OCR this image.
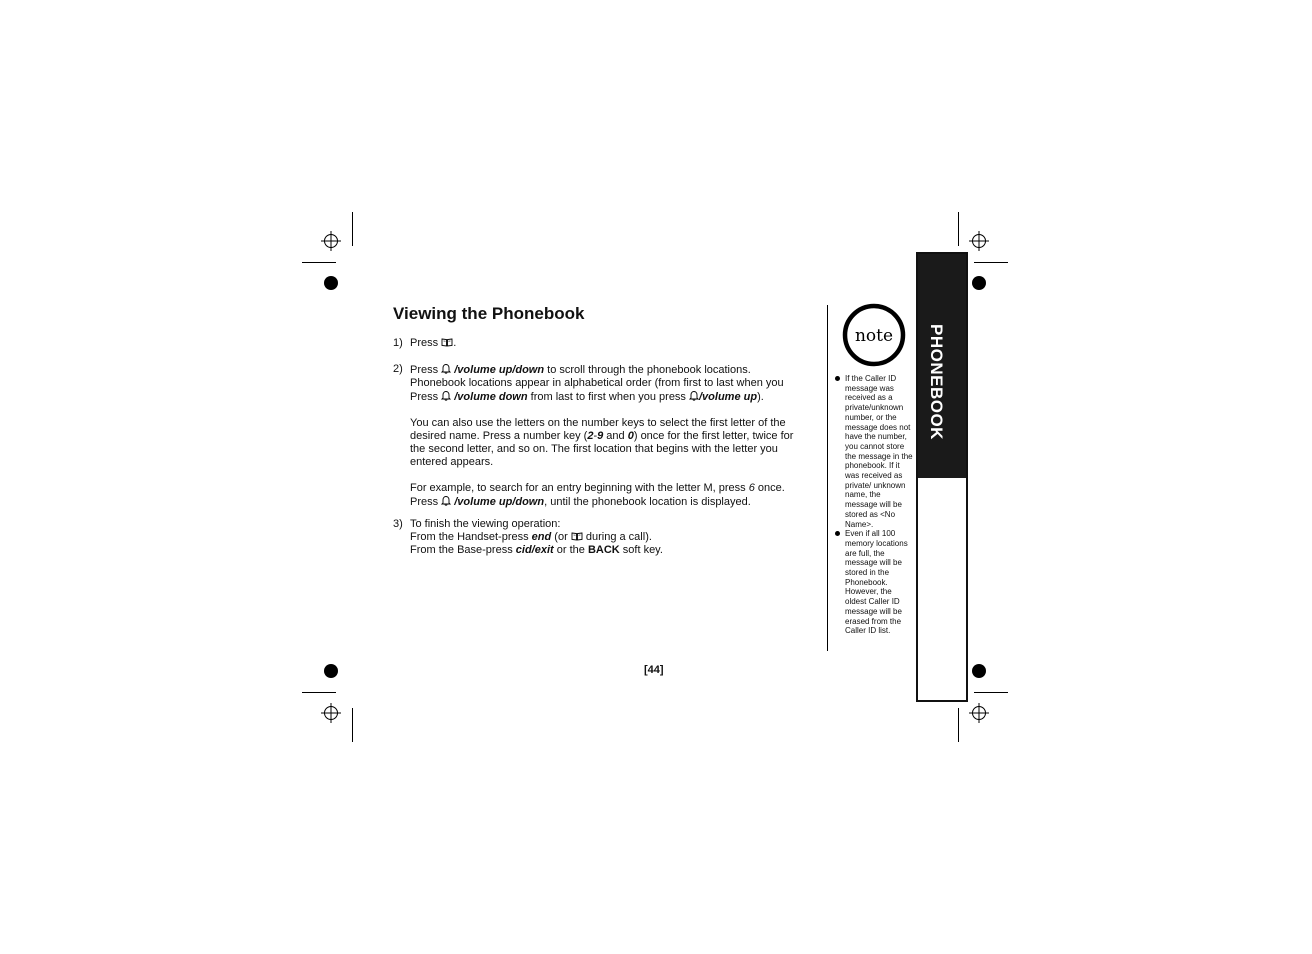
Viewing the Phonebook
1) Press .
2) Press /volume up/down to scroll through the phonebook locations.
Phonebook locations appear in alphabetical order (from first to last when you
Press /volume down from last to first when you press /volume up).

You can also use the letters on the number keys to select the first letter of the
desired name. Press a number key (2-9 and 0) once for the first letter, twice for
the second letter, and so on. The first location that begins with the letter you
entered appears.

For example, to search for an entry beginning with the letter M, press 6 once.
Press /volume up/down, until the phonebook location is displayed.

3) To finish the viewing operation:
From the Handset-press end (or during a call).
From the Base-press cid/exit or the BACK soft key.
note
If the Caller ID message was received as a private/unknown number, or the message does not have the number, you cannot store the message in the phonebook. If it was received as private/ unknown name, the message will be stored as <No Name>.
Even if all 100 memory locations are full, the message will be stored in the Phonebook. However, the oldest Caller ID message will be erased from the Caller ID list.
PHONEBOOK
[44]
